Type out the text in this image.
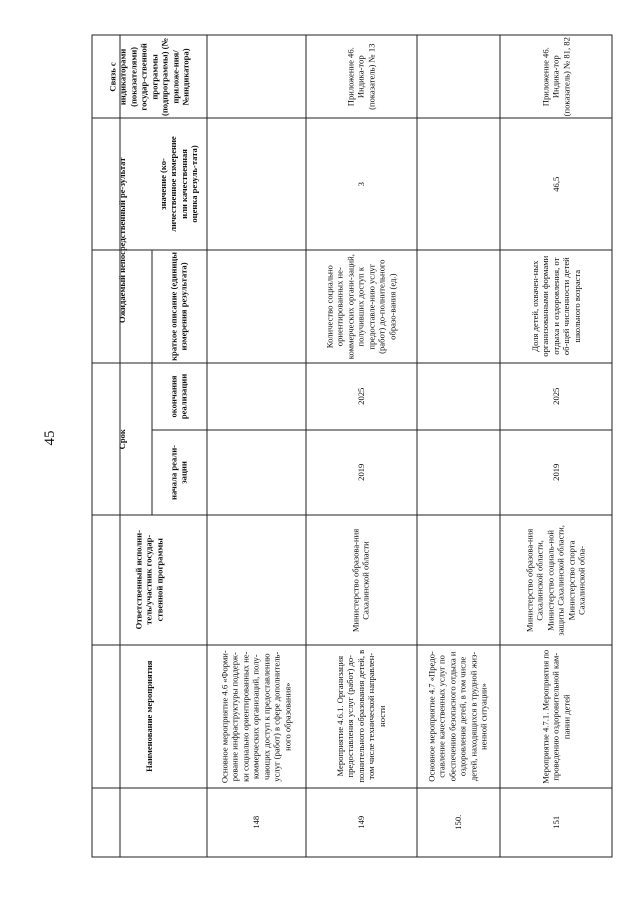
45
Связь с индикаторами (показателями) государ-ственной программы (подпрограммы) (№ приложе-ния/№индикатора)
Ожидаемый непосредственный ре-зультат	значение (ко-личественное измерение или качественная оценка резуль-тата)
краткое описание (единицы измерения результата)
Срок
окончания реализации
начала реали-зации
Ответственный исполни-тель/участник государ-ственной программы
Наименование мероприятия	Основное мероприятие 4.6 «Форми-рование инфраструктуры поддерж-ки социально ориентированных не-коммерческих организаций, полу-чающих доступ к предоставлению услуг (работ) в сфере дополнитель-ного образования»
148
Приложение 46. Индика-тор (показатель) № 13
3
Количество социально ориентированных не-коммерческих органи-заций, получивших доступ к предоставле-нию услуг (работ) до-полнительного образо-вания (ед.)
2025
2019
Министерство образова-ния Сахалинской области
Мероприятие 4.6.1. Организация предоставления услуг (работ) до-полнительного образования детей, в том числе технической направлен-ности
149
Основное мероприятие 4.7 «Предо-ставление качественных услуг по обеспечению безопасного отдыха и оздоровления детей, в том числе детей, находящихся в трудной жиз-ненной ситуации»
150.
Приложение 46. Индика-тор (показатель) № 81, 82
46,5
Доля детей, охвачен-ных организованными формами отдыха и оздоровления, от об-щей численности детей школьного возраста
2025
2019
Министерство образова-ния Сахалинской области, Министерство социаль-ной защиты Сахалинской области, Министерство спорта Сахалинской обла-
Мероприятие 4.7.1. Мероприятия по проведению оздоровительной кам-пании детей
151
